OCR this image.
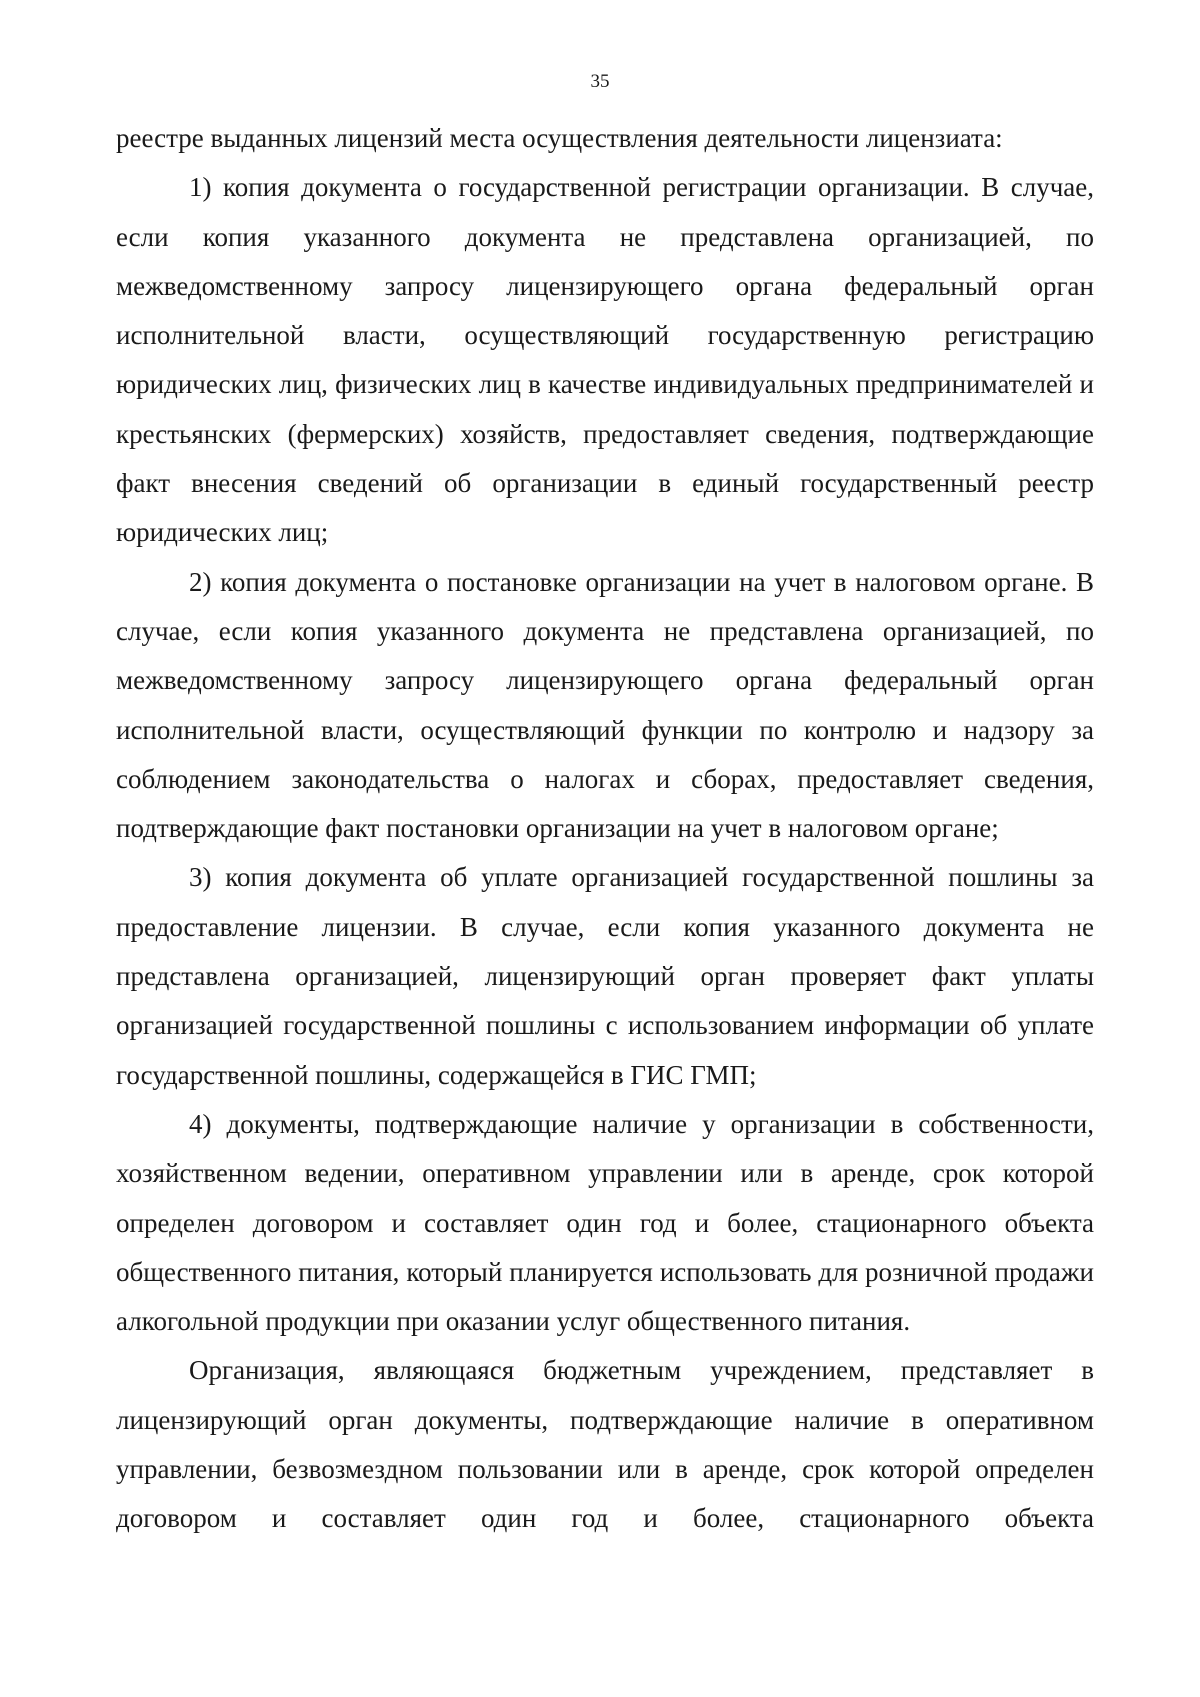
35

реестре выданных лицензий места осуществления деятельности лицензиата:

1) копия документа о государственной регистрации организации. В случае, если копия указанного документа не представлена организацией, по межведомственному запросу лицензирующего органа федеральный орган исполнительной власти, осуществляющий государственную регистрацию юридических лиц, физических лиц в качестве индивидуальных предпринимателей и крестьянских (фермерских) хозяйств, предоставляет сведения, подтверждающие факт внесения сведений об организации в единый государственный реестр юридических лиц;

2) копия документа о постановке организации на учет в налоговом органе. В случае, если копия указанного документа не представлена организацией, по межведомственному запросу лицензирующего органа федеральный орган исполнительной власти, осуществляющий функции по контролю и надзору за соблюдением законодательства о налогах и сборах, предоставляет сведения, подтверждающие факт постановки организации на учет в налоговом органе;

3) копия документа об уплате организацией государственной пошлины за предоставление лицензии. В случае, если копия указанного документа не представлена организацией, лицензирующий орган проверяет факт уплаты организацией государственной пошлины с использованием информации об уплате государственной пошлины, содержащейся в ГИС ГМП;

4) документы, подтверждающие наличие у организации в собственности, хозяйственном ведении, оперативном управлении или в аренде, срок которой определен договором и составляет один год и более, стационарного объекта общественного питания, который планируется использовать для розничной продажи алкогольной продукции при оказании услуг общественного питания.

Организация, являющаяся бюджетным учреждением, представляет в лицензирующий орган документы, подтверждающие наличие в оперативном управлении, безвозмездном пользовании или в аренде, срок которой определен договором и составляет один год и более, стационарного объекта
